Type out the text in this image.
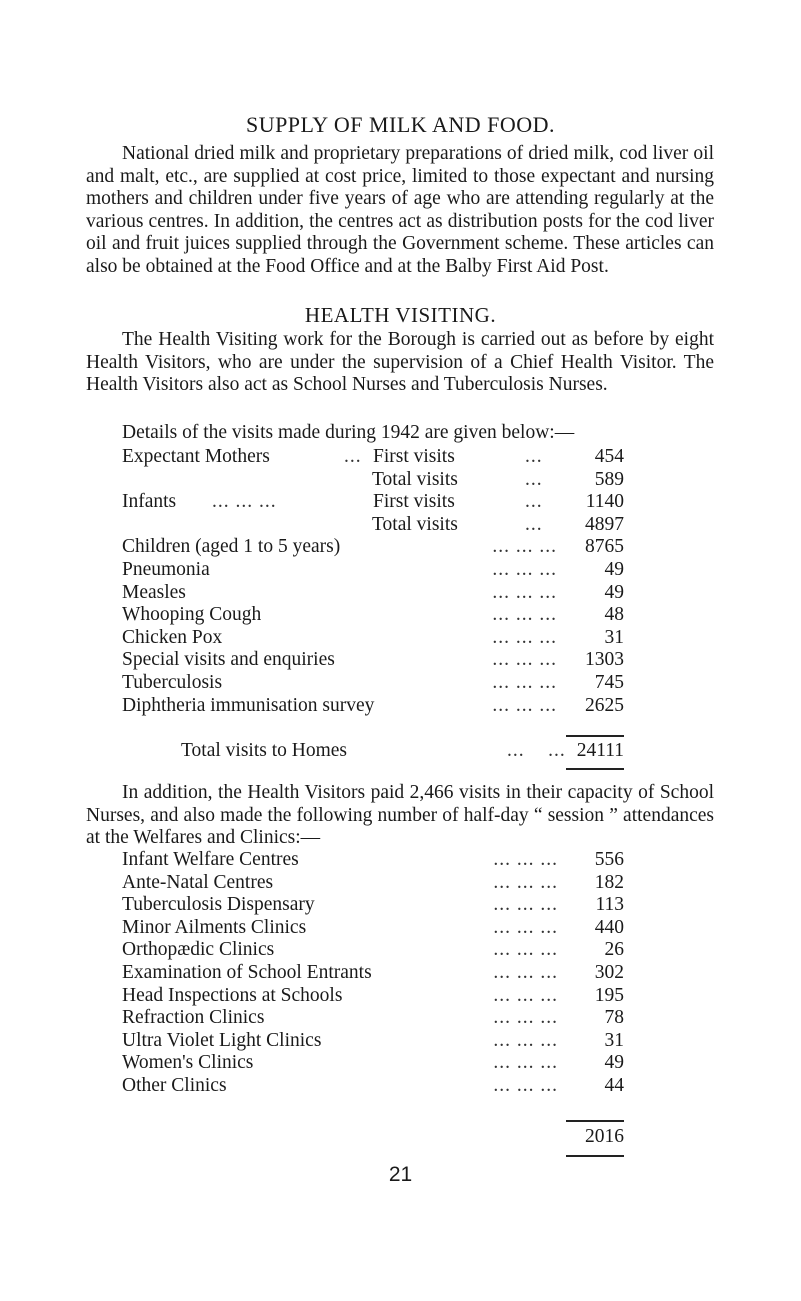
SUPPLY OF MILK AND FOOD.
National dried milk and proprietary preparations of dried milk, cod liver oil and malt, etc., are supplied at cost price, limited to those expectant and nursing mothers and children under five years of age who are attending regularly at the various centres. In addition, the centres act as distribution posts for the cod liver oil and fruit juices supplied through the Government scheme. These articles can also be obtained at the Food Office and at the Balby First Aid Post.
HEALTH VISITING.
The Health Visiting work for the Borough is carried out as before by eight Health Visitors, who are under the supervision of a Chief Health Visitor. The Health Visitors also act as School Nurses and Tuberculosis Nurses.
Details of the visits made during 1942 are given below:—
Expectant Mothers	... First visits	...	454
Total visits	...	589
Infants ... ... ...	First visits	...	1140
Total visits	...	4897
Children (aged 1 to 5 years)	... ... ...	8765
Pneumonia	... ... ...	49
Measles	... ... ...	49
Whooping Cough	... ... ...	48
Chicken Pox	... ... ...	31
Special visits and enquiries	... ... ...	1303
Tuberculosis	... ... ...	745
Diphtheria immunisation survey	... ... ...	2625
Total visits to Homes	...    ... 24111
In addition, the Health Visitors paid 2,466 visits in their capacity of School Nurses, and also made the following number of half-day “ session ” attendances at the Welfares and Clinics:—
Infant Welfare Centres	... ... ...	556
Ante-Natal Centres	... ... ...	182
Tuberculosis Dispensary	... ... ...	113
Minor Ailments Clinics	... ... ...	440
Orthopædic Clinics	... ... ...	26
Examination of School Entrants	... ... ...	302
Head Inspections at Schools	... ... ...	195
Refraction Clinics	... ... ...	78
Ultra Violet Light Clinics	... ... ...	31
Women's Clinics	... ... ...	49
Other Clinics	... ... ...	44
2016
21
